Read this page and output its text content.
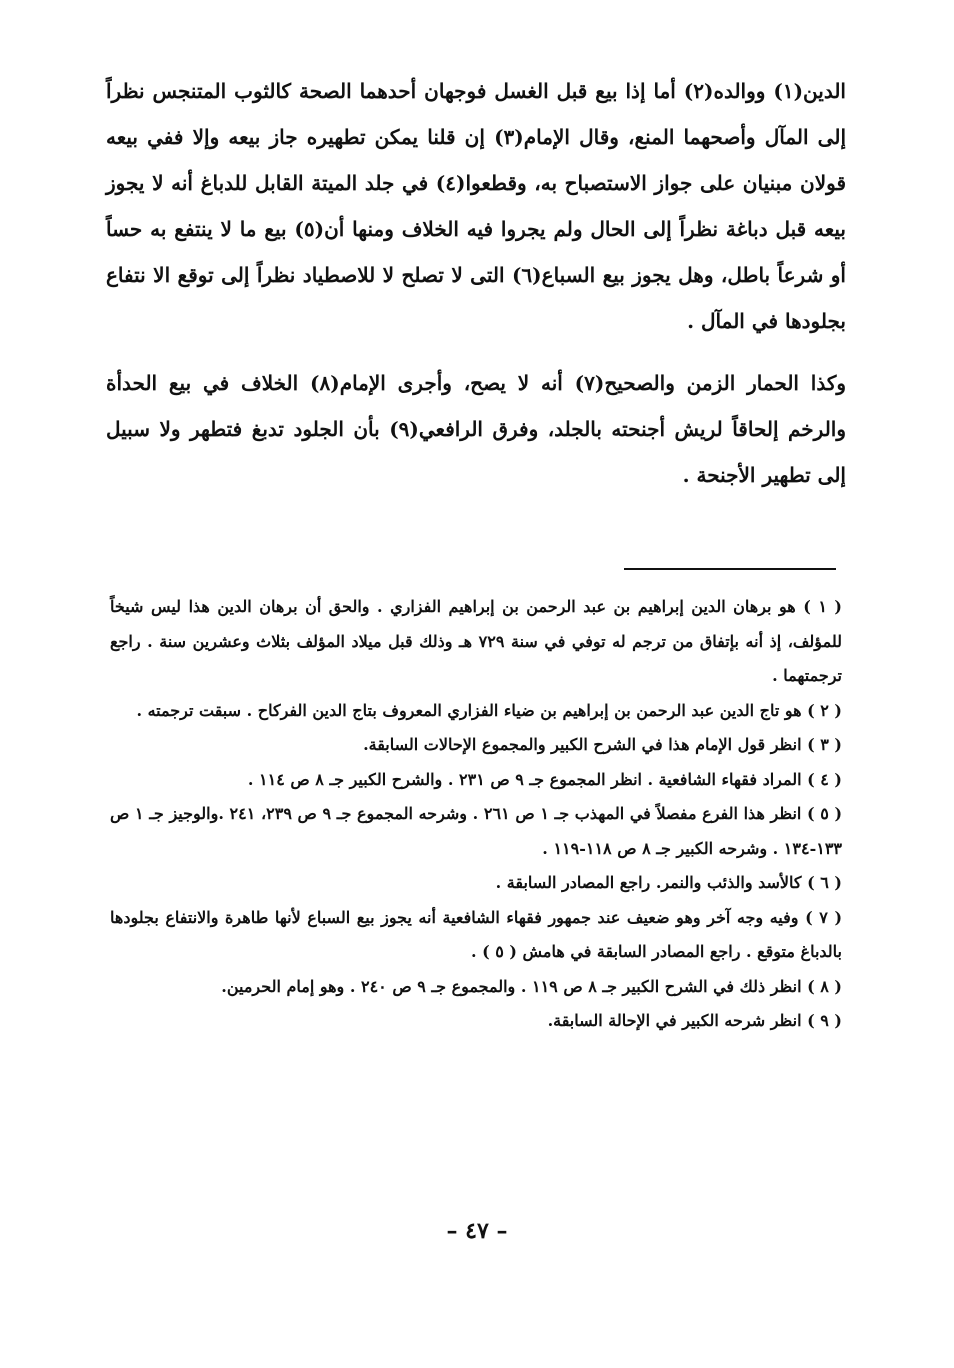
الدين(١) ووالده(٢) أما إذا بيع قبل الغسل فوجهان أحدهما الصحة كالثوب المتنجس نظراً إلى المآل وأصحهما المنع، وقال الإمام(٣) إن قلنا يمكن تطهيره جاز بيعه وإلا ففي بيعه قولان مبنيان على جواز الاستصباح به، وقطعوا(٤) في جلد الميتة القابل للدباغ أنه لا يجوز بيعه قبل دباغة نظراً إلى الحال ولم يجروا فيه الخلاف ومنها أن(٥) بيع ما لا ينتفع به حساً أو شرعاً باطل، وهل يجوز بيع السباع(٦) التى لا تصلح لا للاصطياد نظراً إلى توقع الا نتفاع بجلودها في المآل .

وكذا الحمار الزمن والصحيح(٧) أنه لا يصح، وأجرى الإمام(٨) الخلاف في بيع الحدأة والرخم إلحاقاً لريش أجنحته بالجلد، وفرق الرافعي(٩) بأن الجلود تدبغ فتطهر ولا سبيل إلى تطهير الأجنحة .

( ١ ) هو برهان الدين إبراهيم بن عبد الرحمن بن إبراهيم الفزاري . والحق أن برهان الدين هذا ليس شيخاً للمؤلف، إذ أنه بإتفاق من ترجم له توفي في سنة ٧٢٩ هـ وذلك قبل ميلاد المؤلف بثلاث وعشرين سنة . راجع ترجمتهما .
( ٢ ) هو تاج الدين عبد الرحمن بن إبراهيم بن ضياء الفزاري المعروف بتاج الدين الفركاح . سبقت ترجمته .
( ٣ ) انظر قول الإمام هذا في الشرح الكبير والمجموع الإحالات السابقة.
( ٤ ) المراد فقهاء الشافعية . انظر المجموع جـ ٩ ص ٢٣١ . والشرح الكبير جـ ٨ ص ١١٤ .
( ٥ ) انظر هذا الفرع مفصلاً في المهذب جـ ١ ص ٢٦١ . وشرحه المجموع جـ ٩ ص ٢٣٩، ٢٤١ .والوجيز جـ ١ ص ١٣٣-١٣٤ . وشرحه الكبير جـ ٨ ص ١١٨-١١٩ .
( ٦ ) كالأسد والذئب والنمر. راجع المصادر السابقة .
( ٧ ) وفيه وجه آخر وهو ضعيف عند جمهور فقهاء الشافعية أنه يجوز بيع السباع لأنها طاهرة والانتفاع بجلودها بالدباغ متوقع . راجع المصادر السابقة في هامش ( ٥ ) .
( ٨ ) انظر ذلك في الشرح الكبير جـ ٨ ص ١١٩ . والمجموع جـ ٩ ص ٢٤٠ . وهو إمام الحرمين.
( ٩ ) انظر شرحه الكبير في الإحالة السابقة.
– ٤٧ –
